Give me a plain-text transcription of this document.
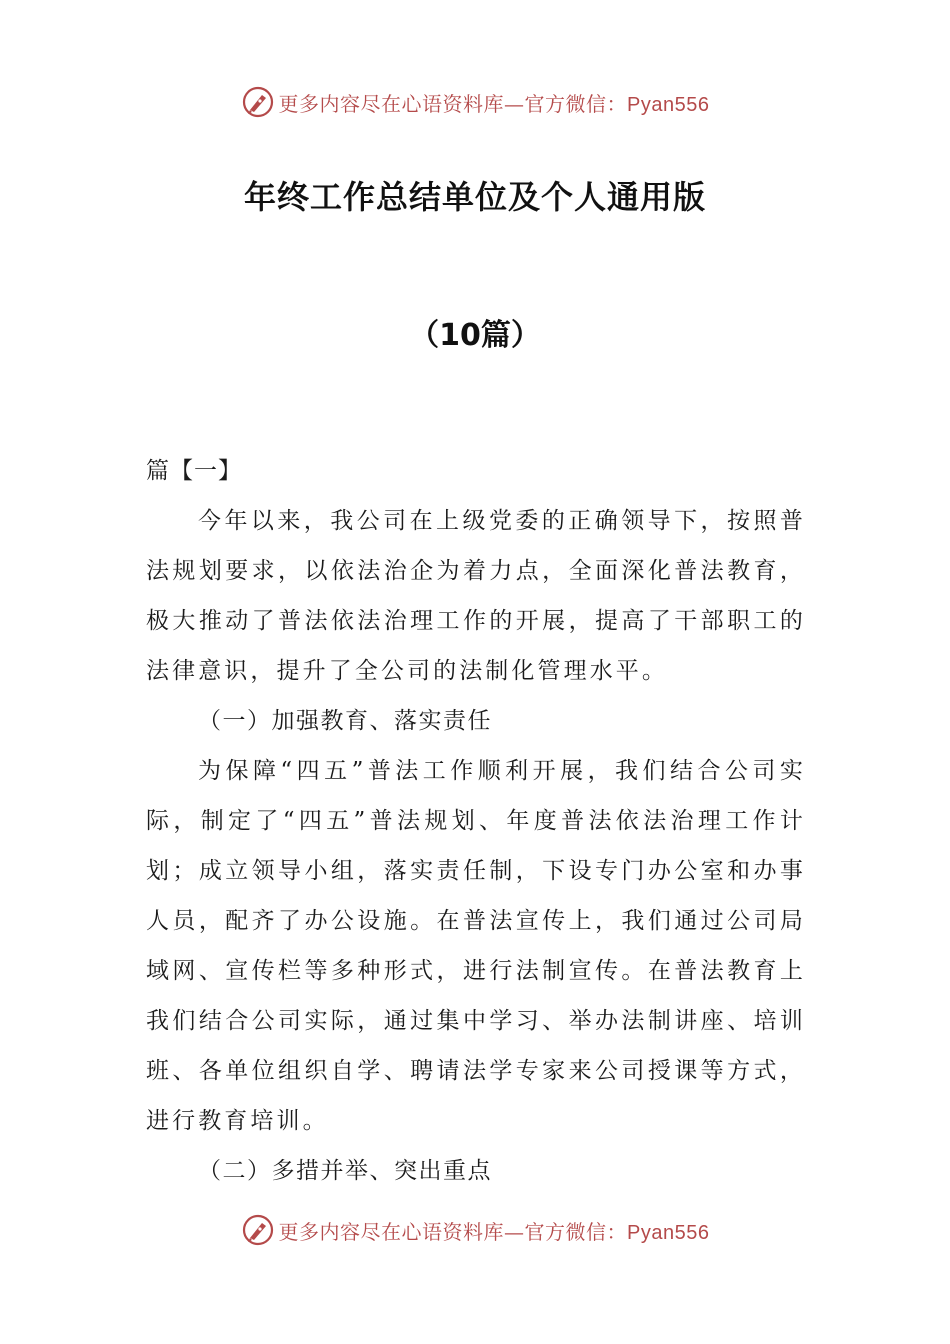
更多内容尽在心语资料库—官方微信：Pyan556
年终工作总结单位及个人通用版
（10篇）

篇【一】

今年以来，我公司在上级党委的正确领导下，按照普法规划要求，以依法治企为着力点，全面深化普法教育，极大推动了普法依法治理工作的开展，提高了干部职工的法律意识，提升了全公司的法制化管理水平。

（一）加强教育、落实责任

为保障“四五”普法工作顺利开展，我们结合公司实际，制定了“四五”普法规划、年度普法依法治理工作计划；成立领导小组，落实责任制，下设专门办公室和办事人员，配齐了办公设施。在普法宣传上，我们通过公司局域网、宣传栏等多种形式，进行法制宣传。在普法教育上我们结合公司实际，通过集中学习、举办法制讲座、培训班、各单位组织自学、聘请法学专家来公司授课等方式，进行教育培训。

（二）多措并举、突出重点

更多内容尽在心语资料库—官方微信：Pyan556
